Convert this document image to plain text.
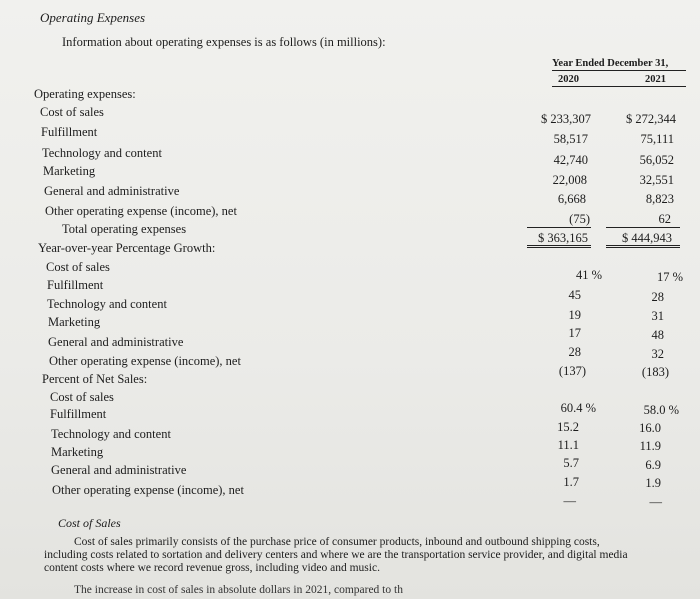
Operating Expenses
Information about operating expenses is as follows (in millions):
Year Ended December 31,
2020	2021
Operating expenses:
Cost of sales
Fulfillment
Technology and content
Marketing
General and administrative
Other operating expense (income), net
Total operating expenses
$ 233,307
58,517
42,740
22,008
6,668
(75)
$ 363,165
$ 272,344
75,111
56,052
32,551
8,823
62
$ 444,943
Year-over-year Percentage Growth:
Cost of sales
Fulfillment
Technology and content
Marketing
General and administrative
Other operating expense (income), net
41 %
45
19
17
28
(137)
17 %
28
31
48
32
(183)
Percent of Net Sales:
Cost of sales
Fulfillment
Technology and content
Marketing
General and administrative
Other operating expense (income), net
60.4 %
15.2
11.1
5.7
1.7
—
58.0 %
16.0
11.9
6.9
1.9
—
Cost of Sales
Cost of sales primarily consists of the purchase price of consumer products, inbound and outbound shipping costs,
including costs related to sortation and delivery centers and where we are the transportation service provider, and digital media
content costs where we record revenue gross, including video and music.
The increase in cost of sales in absolute dollars in 2021, compared to th
